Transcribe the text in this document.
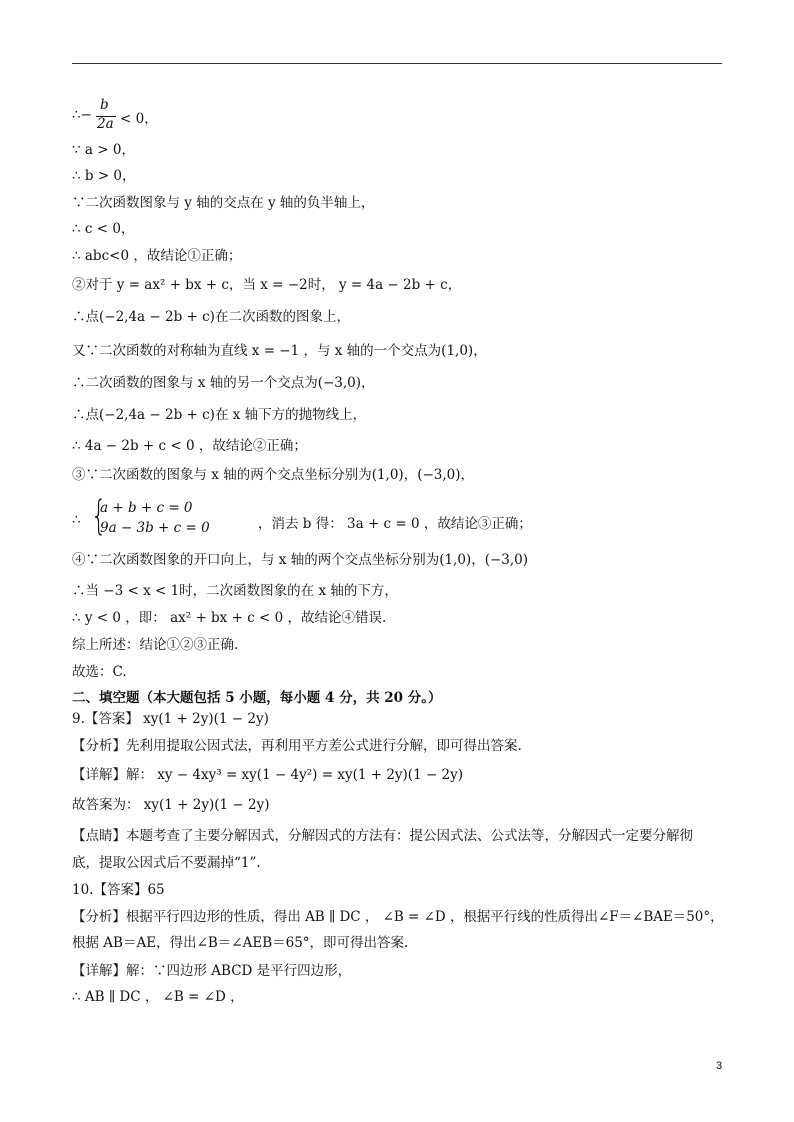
∴−
b
2a < 0，
∵ a > 0，
∴ b > 0，
∵二次函数图象与 y 轴的交点在 y 轴的负半轴上，
∴ c < 0，
∴ abc<0 ，故结论①正确；
②对于 y = ax² + bx + c，当 x = −2时， y = 4a − 2b + c，
∴点(−2,4a − 2b + c)在二次函数的图象上，
又∵二次函数的对称轴为直线 x = −1 ，与 x 轴的一个交点为(1,0)，
∴二次函数的图象与 x 轴的另一个交点为(−3,0)，
∴点(−2,4a − 2b + c)在 x 轴下方的抛物线上，
∴ 4a − 2b + c < 0 ，故结论②正确；
③∵二次函数的图象与 x 轴的两个交点坐标分别为(1,0)，(−3,0)，
∴ {
a + b + c = 0
9a − 3b + c = 0	，消去 b 得： 3a + c = 0 ，故结论③正确；
④∵二次函数图象的开口向上，与 x 轴的两个交点坐标分别为(1,0)，(−3,0)
∴当 −3 < x < 1时，二次函数图象的在 x 轴的下方，
∴ y < 0 ，即： ax² + bx + c < 0 ，故结论④错误.
综上所述：结论①②③正确.
故选：C.
二、填空题（本大题包括 5 小题，每小题 4 分，共 20 分。）
9.【答案】 xy(1 + 2y)(1 − 2y)
【分析】先利用提取公因式法，再利用平方差公式进行分解，即可得出答案.
【详解】解： xy − 4xy³ = xy(1 − 4y²) = xy(1 + 2y)(1 − 2y)
故答案为： xy(1 + 2y)(1 − 2y)
【点睛】本题考查了主要分解因式，分解因式的方法有：提公因式法、公式法等，分解因式一定要分解彻
底，提取公因式后不要漏掉“1”.
10.【答案】65
【分析】根据平行四边形的性质，得出 AB ∥ DC ， ∠B = ∠D ，根据平行线的性质得出∠F＝∠BAE＝50°，
根据 AB＝AE，得出∠B＝∠AEB＝65°，即可得出答案.
【详解】解：∵四边形 ABCD 是平行四边形，
∴ AB ∥ DC ， ∠B = ∠D ，
3
